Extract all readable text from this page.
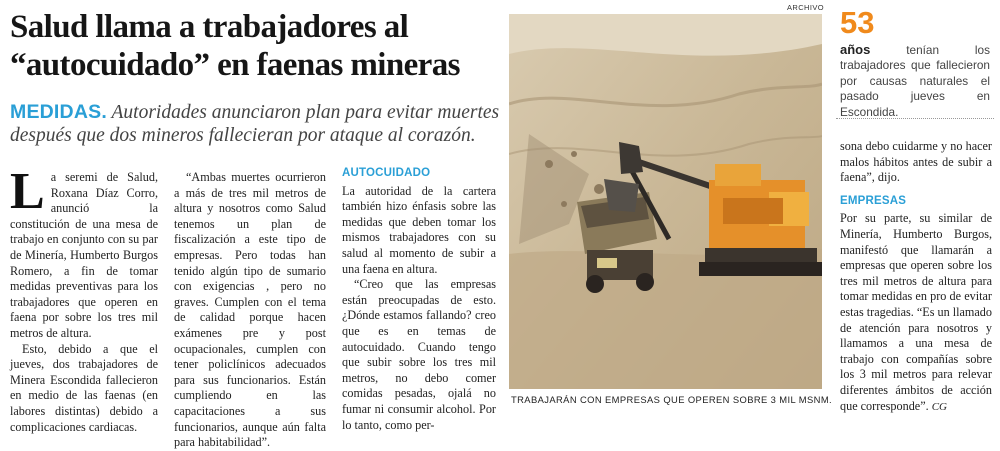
Salud llama a trabajadores al
“autocuidado” en faenas mineras
MEDIDAS. Autoridades anunciaron plan para evitar muertes después que dos mineros fallecieran por ataque al corazón.

La seremi de Salud, Roxana Díaz Corro, anunció la constitución de una mesa de trabajo en conjunto con su par de Minería, Humberto Burgos Romero, a fin de tomar medidas preventivas para los trabajadores que operen en faena por sobre los tres mil metros de altura.

Esto, debido a que el jueves, dos trabajadores de Minera Escondida fallecieron en medio de las faenas (en labores distintas) debido a complicaciones cardiacas.

“Ambas muertes ocurrieron a más de tres mil metros de altura y nosotros como Salud tenemos un plan de fiscalización a este tipo de empresas. Pero todas han tenido algún tipo de sumario con exigencias , pero no graves. Cumplen con el tema de calidad porque hacen exámenes pre y post ocupacionales, cumplen con tener policlínicos adecuados para sus funcionarios. Están cumpliendo en las capacitaciones a sus funcionarios, aunque aún falta para habitabilidad”.

AUTOCUIDADO

La autoridad de la cartera también hizo énfasis sobre las medidas que deben tomar los mismos trabajadores con su salud al momento de subir a una faena en altura.

“Creo que las empresas están preocupadas de esto. ¿Dónde estamos fallando? creo que es en temas de autocuidado. Cuando tengo que subir sobre los tres mil metros, no debo comer comidas pesadas, ojalá no fumar ni consumir alcohol. Por lo tanto, como per-

ARCHIVO
TRABAJARÁN CON EMPRESAS QUE OPEREN SOBRE 3 MIL MSNM.
53
años	tenían los trabajadores que fallecieron por causas naturales el pasado jueves en Escondida.

sona debo cuidarme y no hacer malos hábitos antes de subir a faena”, dijo.

EMPRESAS

Por su parte, su similar de Minería, Humberto Burgos, manifestó que llamarán a empresas que operen sobre los tres mil metros de altura para tomar medidas en pro de evitar estas tragedias. “Es un llamado de atención para nosotros y llamamos a una mesa de trabajo con compañías sobre los 3 mil metros para relevar diferentes ámbitos de acción que corresponde”. CG
